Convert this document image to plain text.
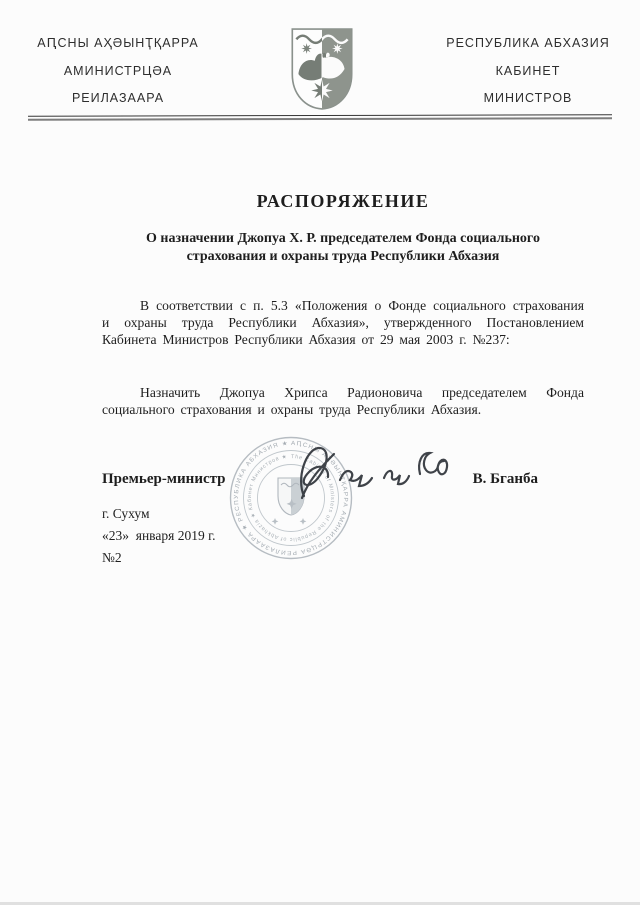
АԤСНЫ АҲӘЫНҬҚАРРА
АМИНИСТРЦӘА
РЕИЛАЗААРА
РЕСПУБЛИКА АБХАЗИЯ
КАБИНЕТ
МИНИСТРОВ
РАСПОРЯЖЕНИЕ
О назначении Джопуа Х. Р. председателем Фонда социального
страхования и охраны труда Республики Абхазия

В соответствии с п. 5.3 «Положения о Фонде социального страхования и охраны труда Республики Абхазия», утвержденного Постановлением Кабинета Министров Республики Абхазия от 29 мая 2003 г. №237:

Назначить Джопуа Хрипса Радионовича председателем Фонда социального страхования и охраны труда Республики Абхазия.

Премьер-министр	В. Бганба
АԤСНЫ АҲӘЫНҬҚАРРА АМИНИСТРЦӘА РЕИЛАЗААРА ★ РЕСПУБЛИКА АБХАЗИЯ ★
The Cabinet of Ministers of the Republic of Abkhazia ★ Кабинет Министров ★
г. Сухум
«23»  января 2019 г.
№2
